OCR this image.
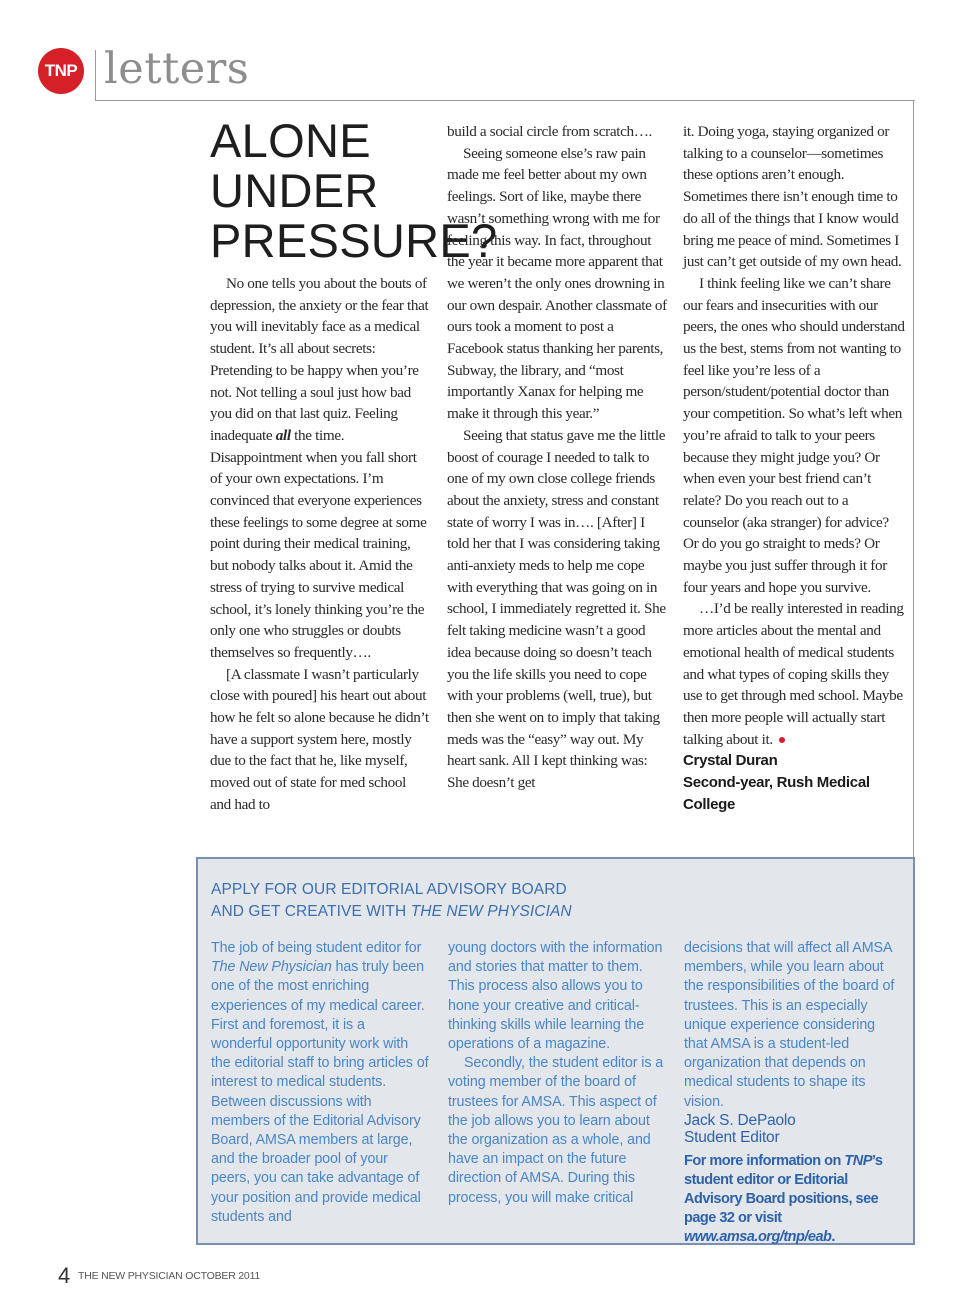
TNP letters
ALONE
UNDER
PRESSURE?

No one tells you about the bouts of depression, the anxiety or the fear that you will inevitably face as a medical student. It’s all about secrets: Pretending to be happy when you’re not. Not telling a soul just how bad you did on that last quiz. Feeling inadequate all the time. Disappointment when you fall short of your own expectations. I’m convinced that everyone experiences these feelings to some degree at some point during their medical training, but nobody talks about it. Amid the stress of trying to survive medical school, it’s lonely thinking you’re the only one who struggles or doubts themselves so frequently….

[A classmate I wasn’t particularly close with poured] his heart out about how he felt so alone because he didn’t have a support system here, mostly due to the fact that he, like myself, moved out of state for med school and had to

build a social circle from scratch….

Seeing someone else’s raw pain made me feel better about my own feelings. Sort of like, maybe there wasn’t something wrong with me for feeling this way. In fact, throughout the year it became more apparent that we weren’t the only ones drowning in our own despair. Another classmate of ours took a moment to post a Facebook status thanking her parents, Subway, the library, and “most importantly Xanax for helping me make it through this year.”

Seeing that status gave me the little boost of courage I needed to talk to one of my own close college friends about the anxiety, stress and constant state of worry I was in…. [After] I told her that I was considering taking anti-anxiety meds to help me cope with everything that was going on in school, I immediately regretted it. She felt taking medicine wasn’t a good idea because doing so doesn’t teach you the life skills you need to cope with your problems (well, true), but then she went on to imply that taking meds was the “easy” way out. My heart sank. All I kept thinking was: She doesn’t get

it. Doing yoga, staying organized or talking to a counselor—sometimes these options aren’t enough. Sometimes there isn’t enough time to do all of the things that I know would bring me peace of mind. Sometimes I just can’t get outside of my own head.

I think feeling like we can’t share our fears and insecurities with our peers, the ones who should understand us the best, stems from not wanting to feel like you’re less of a person/student/potential doctor than your competition. So what’s left when you’re afraid to talk to your peers because they might judge you? Or when even your best friend can’t relate? Do you reach out to a counselor (aka stranger) for advice? Or do you go straight to meds? Or maybe you just suffer through it for four years and hope you survive.

…I’d be really interested in reading more articles about the mental and emotional health of medical students and what types of coping skills they use to get through med school. Maybe then more people will actually start talking about it.

Crystal Duran
Second-year, Rush Medical College
APPLY FOR OUR EDITORIAL ADVISORY BOARD
AND GET CREATIVE WITH THE NEW PHYSICIAN

The job of being student editor for The New Physician has truly been one of the most enriching experiences of my medical career. First and foremost, it is a wonderful opportunity work with the editorial staff to bring articles of interest to medical students. Between discussions with members of the Editorial Advisory Board, AMSA members at large, and the broader pool of your peers, you can take advantage of your position and provide medical students and

young doctors with the information and stories that matter to them. This process also allows you to hone your creative and critical-thinking skills while learning the operations of a magazine.

Secondly, the student editor is a voting member of the board of trustees for AMSA. This aspect of the job allows you to learn about the organization as a whole, and have an impact on the future direction of AMSA. During this process, you will make critical

decisions that will affect all AMSA members, while you learn about the responsibilities of the board of trustees. This is an especially unique experience considering that AMSA is a student-led organization that depends on medical students to shape its vision.

Jack S. DePaolo
Student Editor

For more information on TNP’s student editor or Editorial Advisory Board positions, see page 32 or visit www.amsa.org/tnp/eab.

4 THE NEW PHYSICIAN OCTOBER 2011
